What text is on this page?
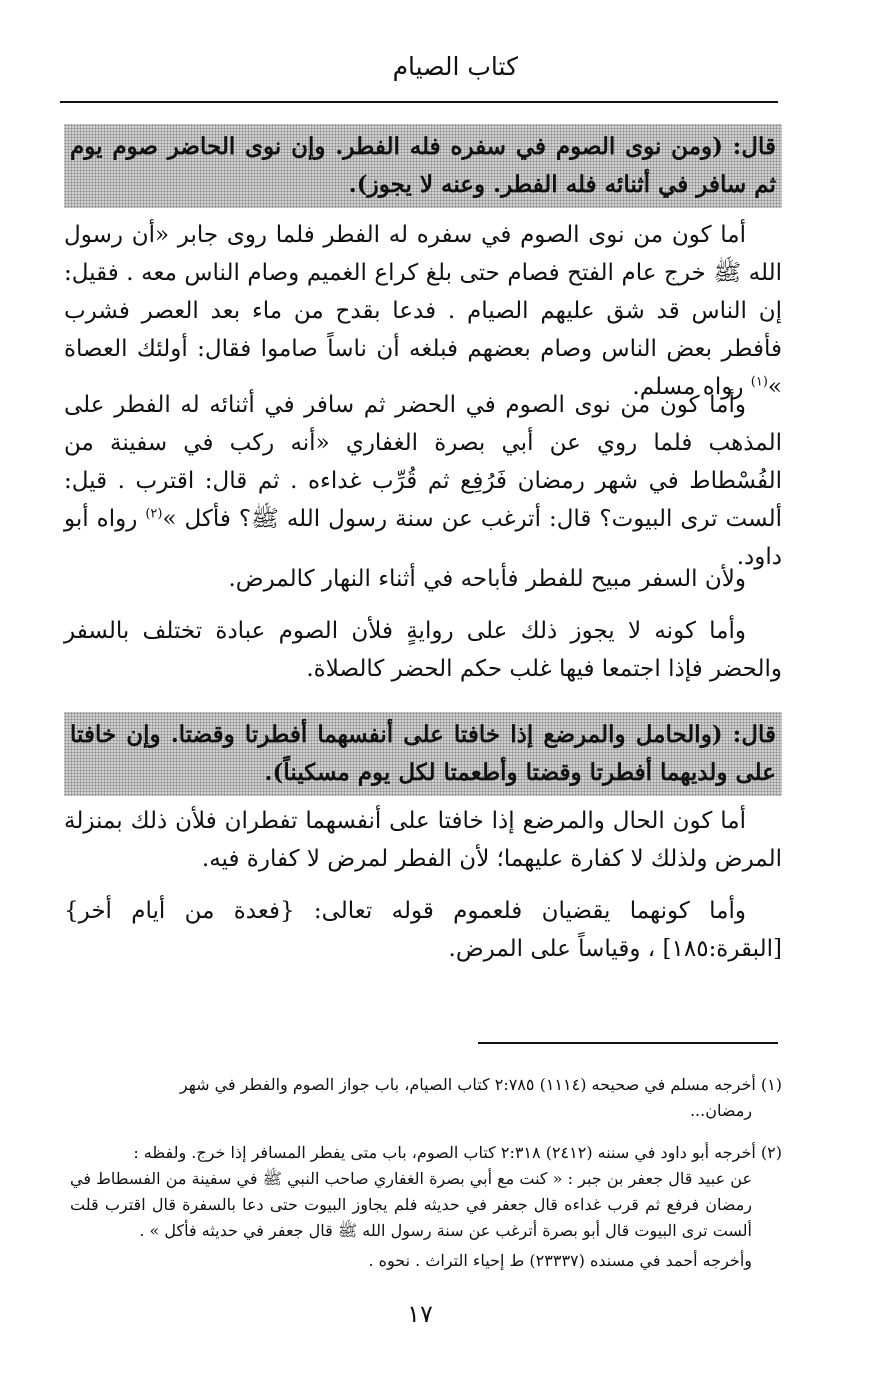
كتاب الصيام
قال: (ومن نوى الصوم في سفره فله الفطر. وإن نوى الحاضر صوم يوم ثم سافر في أثنائه فله الفطر. وعنه لا يجوز).
أما كون من نوى الصوم في سفره له الفطر فلما روى جابر «أن رسول الله ﷺ خرج عام الفتح فصام حتى بلغ كراع الغميم وصام الناس معه . فقيل: إن الناس قد شق عليهم الصيام . فدعا بقدح من ماء بعد العصر فشرب فأفطر بعض الناس وصام بعضهم فبلغه أن ناساً صاموا فقال: أولئك العصاة »$^{(١)}$ رواه مسلم.
وأما كون من نوى الصوم في الحضر ثم سافر في أثنائه له الفطر على المذهب فلما روي عن أبي بصرة الغفاري «أنه ركب في سفينة من الفُسْطاط في شهر رمضان فَرُفِع ثم قُرِّب غداءه . ثم قال: اقترب . قيل: ألست ترى البيوت؟ قال: أترغب عن سنة رسول الله ﷺ؟ فأكل »$^{(٢)}$ رواه أبو داود.
ولأن السفر مبيح للفطر فأباحه في أثناء النهار كالمرض.
وأما كونه لا يجوز ذلك على روايةٍ فلأن الصوم عبادة تختلف بالسفر والحضر فإذا اجتمعا فيها غلب حكم الحضر كالصلاة.
قال: (والحامل والمرضع إذا خافتا على أنفسهما أفطرتا وقضتا. وإن خافتا على ولديهما أفطرتا وقضتا وأطعمتا لكل يوم مسكيناً).
أما كون الحال والمرضع إذا خافتا على أنفسهما تفطران فلأن ذلك بمنزلة المرض ولذلك لا كفارة عليهما؛ لأن الفطر لمرض لا كفارة فيه.
وأما كونهما يقضيان فلعموم قوله تعالى: {فعدة من أيام أخر} [البقرة:١٨٥] ، وقياساً على المرض.
(١) أخرجه مسلم في صحيحه (١١١٤) ٢:٧٨٥ كتاب الصيام، باب جواز الصوم والفطر في شهر
رمضان...
(٢) أخرجه أبو داود في سننه (٢٤١٢) ٢:٣١٨ كتاب الصوم، باب متى يفطر المسافر إذا خرج. ولفظه :
عن عبيد قال جعفر بن جبر : « كنت مع أبي بصرة الغفاري صاحب النبي ﷺ في سفينة من الفسطاط في رمضان فرفع ثم قرب غداءه قال جعفر في حديثه فلم يجاوز البيوت حتى دعا بالسفرة قال اقترب قلت ألست ترى البيوت قال أبو بصرة أترغب عن سنة رسول الله ﷺ قال جعفر في حديثه فأكل » .
وأخرجه أحمد في مسنده (٢٣٣٣٧) ط إحياء التراث . نحوه .
١٧
